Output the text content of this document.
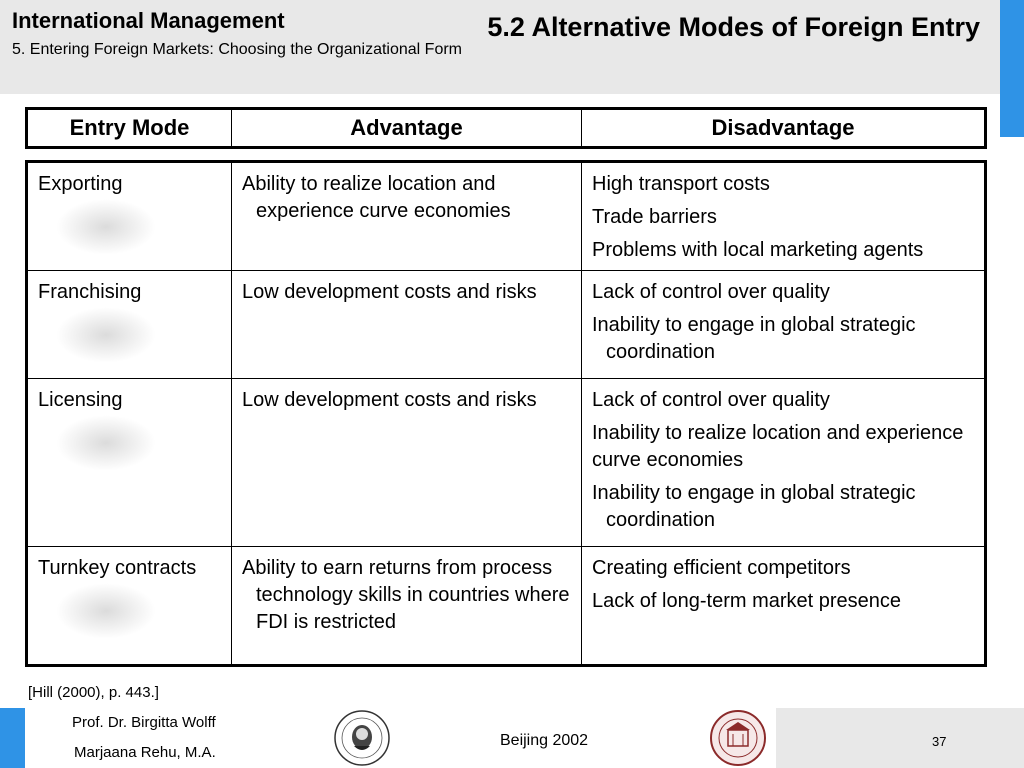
International Management
5. Entering Foreign Markets: Choosing the Organizational Form
5.2 Alternative Modes of Foreign Entry
Entry Mode	Advantage	Disadvantage
Exporting	Ability to realize location and experience curve economies	High transport costs
Trade barriers
Problems with local marketing agents

Franchising	Low development costs and risks	Lack of control over quality
Inability to engage in global strategic coordination

Licensing	Low development costs and risks	Lack of control over quality
Inability to realize location and experience curve economies
Inability to engage in global strategic coordination

Turnkey contracts	Ability to earn returns from process technology skills in countries where FDI is restricted	Creating efficient competitors
Lack of long-term market presence
[Hill (2000), p. 443.]
Prof. Dr. Birgitta Wolff
Marjaana Rehu, M.A.
Beijing 2002	37
